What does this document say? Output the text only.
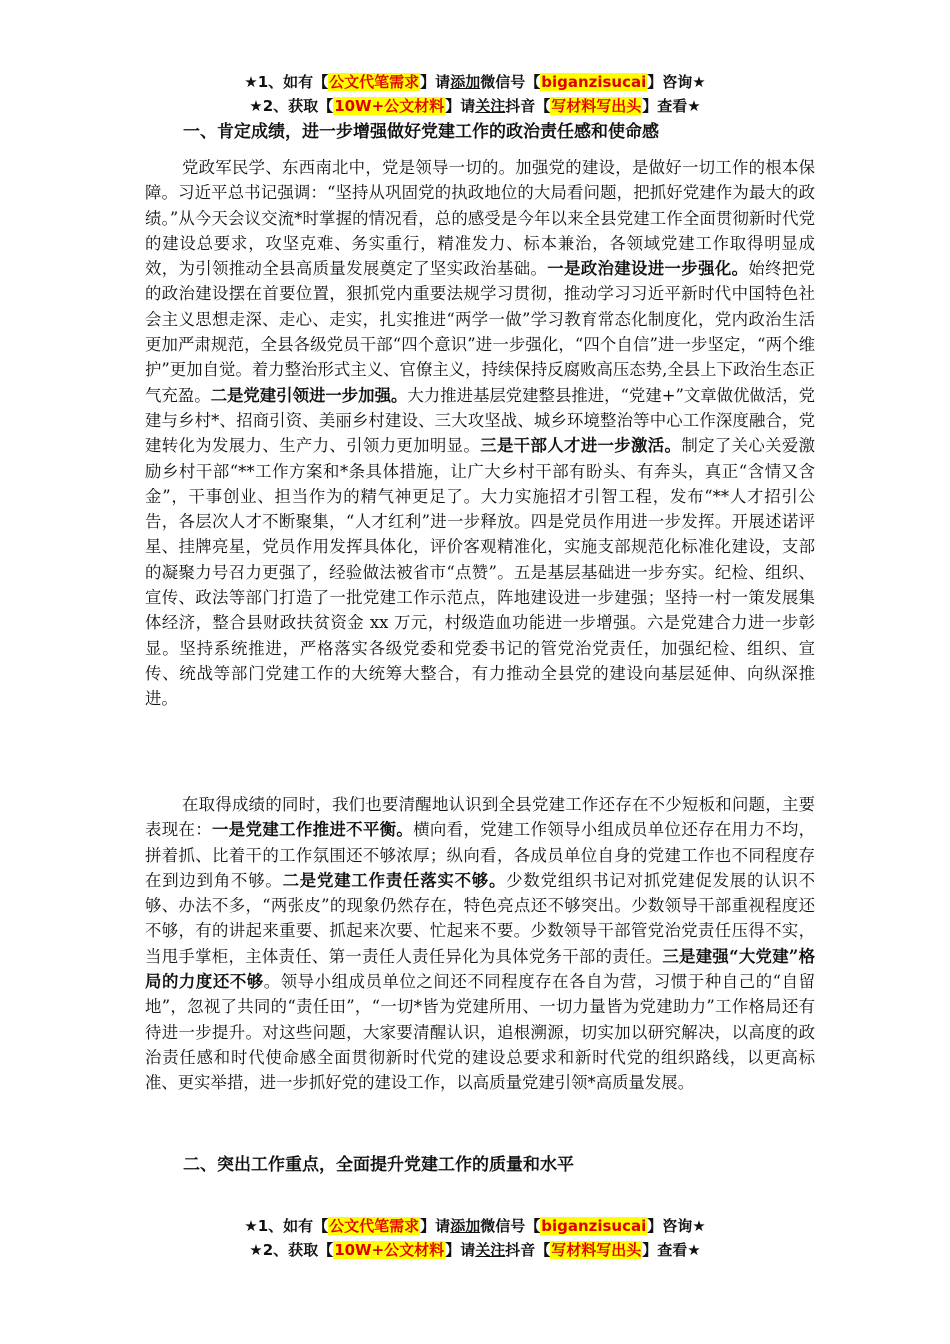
★1、如有【公文代笔需求】请添加微信号【biganzisucai】咨询★
★2、获取【10W+公文材料】请关注抖音【写材料写出头】查看★
一、肯定成绩，进一步增强做好党建工作的政治责任感和使命感
党政军民学、东西南北中，党是领导一切的。加强党的建设，是做好一切工作的根本保障。习近平总书记强调：“坚持从巩固党的执政地位的大局看问题，把抓好党建作为最大的政绩。”从今天会议交流*时掌握的情况看，总的感受是今年以来全县党建工作全面贯彻新时代党的建设总要求，攻坚克难、务实重行，精准发力、标本兼治，各领域党建工作取得明显成效，为引领推动全县高质量发展奠定了坚实政治基础。一是政治建设进一步强化。始终把党的政治建设摆在首要位置，狠抓党内重要法规学习贯彻，推动学习习近平新时代中国特色社会主义思想走深、走心、走实，扎实推进“两学一做”学习教育常态化制度化，党内政治生活更加严肃规范，全县各级党员干部“四个意识”进一步强化，“四个自信”进一步坚定，“两个维护”更加自觉。着力整治形式主义、官僚主义，持续保持反腐败高压态势,全县上下政治生态正气充盈。二是党建引领进一步加强。大力推进基层党建整县推进，“党建+”文章做优做活，党建与乡村*、招商引资、美丽乡村建设、三大攻坚战、城乡环境整治等中心工作深度融合，党建转化为发展力、生产力、引领力更加明显。三是干部人才进一步激活。制定了关心关爱激励乡村干部“**工作方案和*条具体措施，让广大乡村干部有盼头、有奔头，真正“含情又含金”，干事创业、担当作为的精气神更足了。大力实施招才引智工程，发布“**人才招引公告，各层次人才不断聚集，“人才红利”进一步释放。四是党员作用进一步发挥。开展述诺评星、挂牌亮星，党员作用发挥具体化，评价客观精准化，实施支部规范化标准化建设，支部的凝聚力号召力更强了，经验做法被省市“点赞”。五是基层基础进一步夯实。纪检、组织、宣传、政法等部门打造了一批党建工作示范点，阵地建设进一步建强；坚持一村一策发展集体经济，整合县财政扶贫资金 xx 万元，村级造血功能进一步增强。六是党建合力进一步彰显。坚持系统推进，严格落实各级党委和党委书记的管党治党责任，加强纪检、组织、宣传、统战等部门党建工作的大统筹大整合，有力推动全县党的建设向基层延伸、向纵深推进。
在取得成绩的同时，我们也要清醒地认识到全县党建工作还存在不少短板和问题，主要表现在：一是党建工作推进不平衡。横向看，党建工作领导小组成员单位还存在用力不均，拼着抓、比着干的工作氛围还不够浓厚；纵向看，各成员单位自身的党建工作也不同程度存在到边到角不够。二是党建工作责任落实不够。少数党组织书记对抓党建促发展的认识不够、办法不多，“两张皮”的现象仍然存在，特色亮点还不够突出。少数领导干部重视程度还不够，有的讲起来重要、抓起来次要、忙起来不要。少数领导干部管党治党责任压得不实，当甩手掌柜，主体责任、第一责任人责任异化为具体党务干部的责任。三是建强“大党建”格局的力度还不够。领导小组成员单位之间还不同程度存在各自为营，习惯于种自己的“自留地”，忽视了共同的“责任田”，“一切*皆为党建所用、一切力量皆为党建助力”工作格局还有待进一步提升。对这些问题，大家要清醒认识，追根溯源，切实加以研究解决，以高度的政治责任感和时代使命感全面贯彻新时代党的建设总要求和新时代党的组织路线，以更高标准、更实举措，进一步抓好党的建设工作，以高质量党建引领*高质量发展。
二、突出工作重点，全面提升党建工作的质量和水平
★1、如有【公文代笔需求】请添加微信号【biganzisucai】咨询★
★2、获取【10W+公文材料】请关注抖音【写材料写出头】查看★
